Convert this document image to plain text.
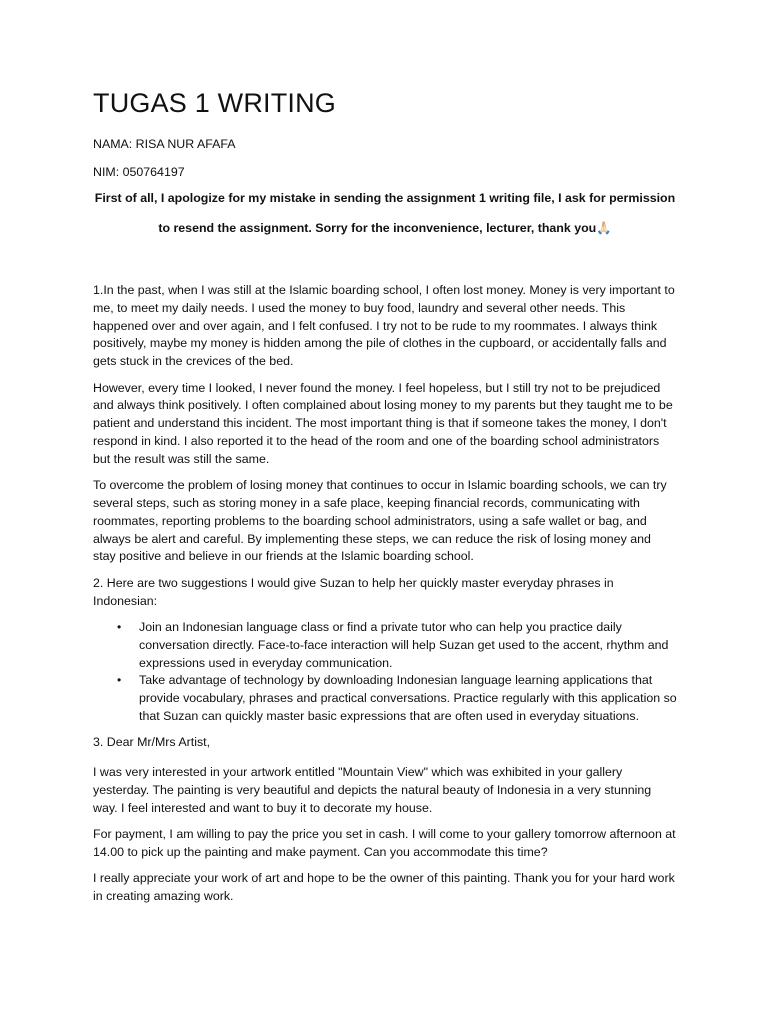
TUGAS 1 WRITING
NAMA: RISA NUR AFAFA
NIM: 050764197
First of all, I apologize for my mistake in sending the assignment 1 writing file, I ask for permission
to resend the assignment. Sorry for the inconvenience, lecturer, thank you🙏🏻

1.In the past, when I was still at the Islamic boarding school, I often lost money. Money is very important to me, to meet my daily needs. I used the money to buy food, laundry and several other needs. This happened over and over again, and I felt confused. I try not to be rude to my roommates. I always think positively, maybe my money is hidden among the pile of clothes in the cupboard, or accidentally falls and gets stuck in the crevices of the bed.

However, every time I looked, I never found the money. I feel hopeless, but I still try not to be prejudiced and always think positively. I often complained about losing money to my parents but they taught me to be patient and understand this incident. The most important thing is that if someone takes the money, I don't respond in kind. I also reported it to the head of the room and one of the boarding school administrators but the result was still the same.

To overcome the problem of losing money that continues to occur in Islamic boarding schools, we can try several steps, such as storing money in a safe place, keeping financial records, communicating with roommates, reporting problems to the boarding school administrators, using a safe wallet or bag, and always be alert and careful. By implementing these steps, we can reduce the risk of losing money and stay positive and believe in our friends at the Islamic boarding school.

2. Here are two suggestions I would give Suzan to help her quickly master everyday phrases in Indonesian:

• Join an Indonesian language class or find a private tutor who can help you practice daily conversation directly. Face-to-face interaction will help Suzan get used to the accent, rhythm and expressions used in everyday communication.
• Take advantage of technology by downloading Indonesian language learning applications that provide vocabulary, phrases and practical conversations. Practice regularly with this application so that Suzan can quickly master basic expressions that are often used in everyday situations.

3. Dear Mr/Mrs Artist,

I was very interested in your artwork entitled "Mountain View" which was exhibited in your gallery yesterday. The painting is very beautiful and depicts the natural beauty of Indonesia in a very stunning way. I feel interested and want to buy it to decorate my house.

For payment, I am willing to pay the price you set in cash. I will come to your gallery tomorrow afternoon at 14.00 to pick up the painting and make payment. Can you accommodate this time?

I really appreciate your work of art and hope to be the owner of this painting. Thank you for your hard work in creating amazing work.
